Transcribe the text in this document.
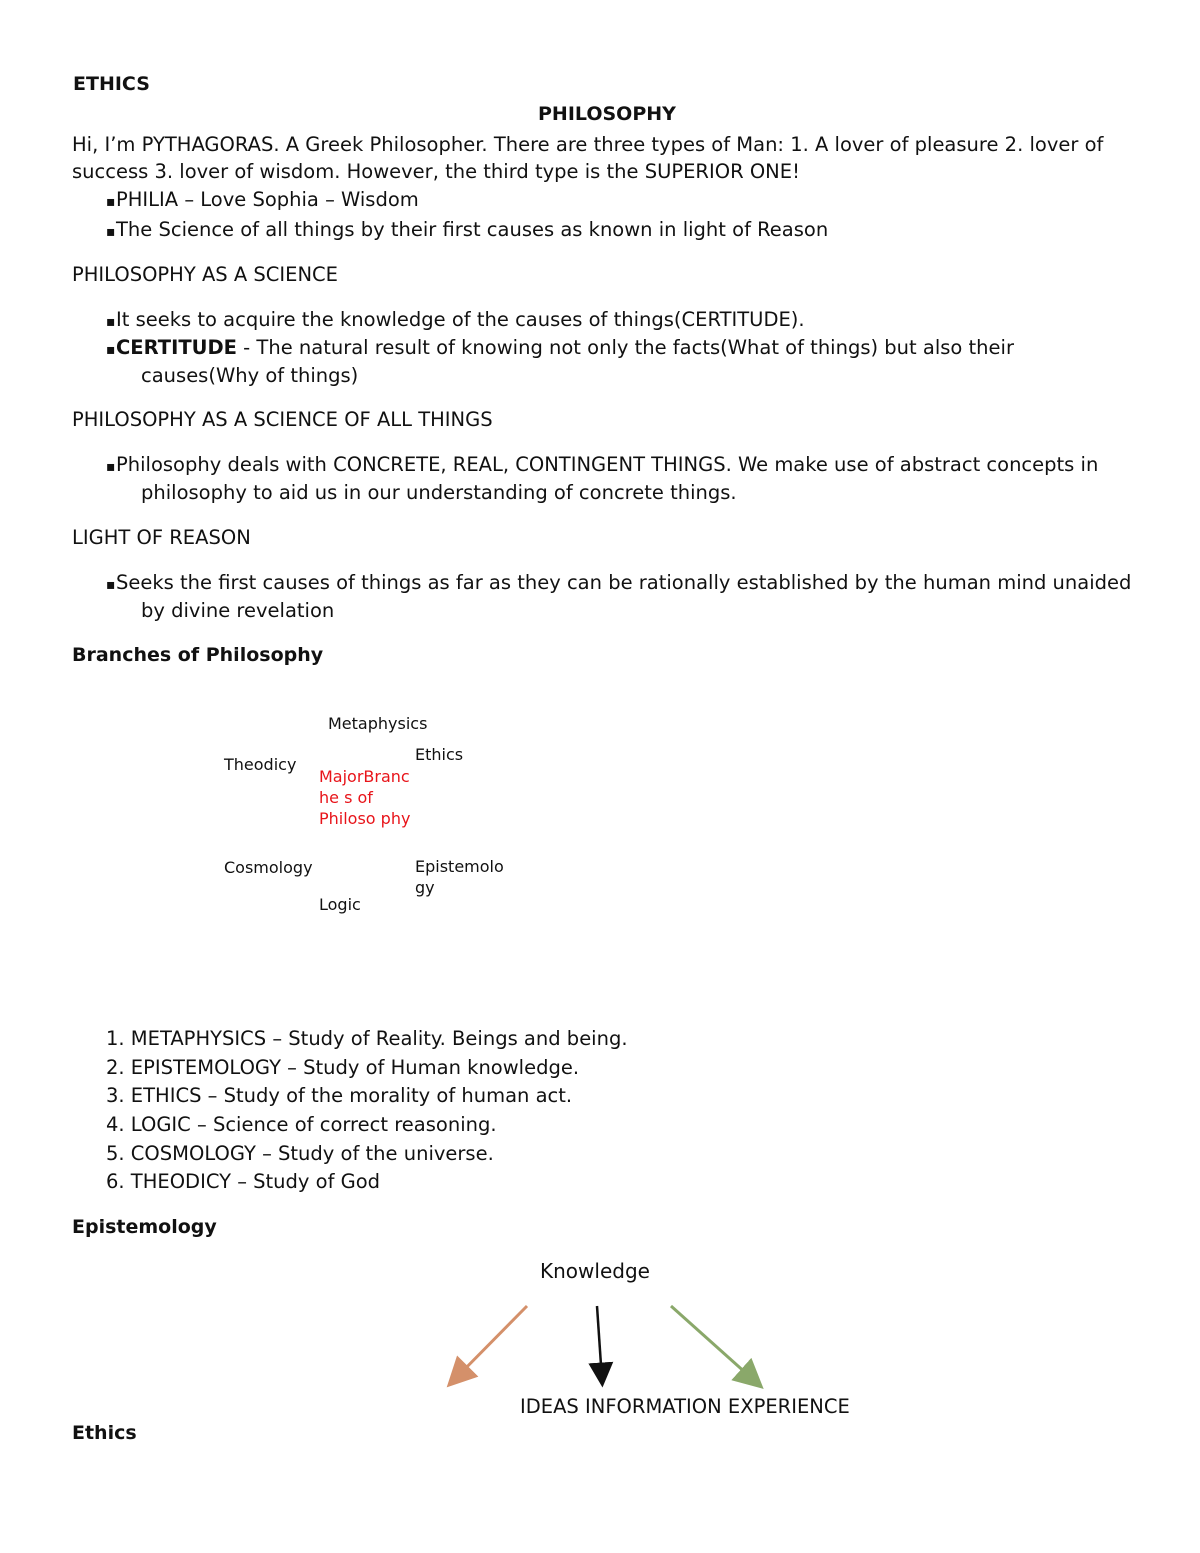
ETHICS
PHILOSOPHY
Hi, I’m PYTHAGORAS. A Greek Philosopher. There are three types of Man: 1. A lover of pleasure 2. lover of
success 3. lover of wisdom. However, the third type is the SUPERIOR ONE!
▪PHILIA – Love Sophia – Wisdom
▪The Science of all things by their first causes as known in light of Reason
PHILOSOPHY AS A SCIENCE
▪It seeks to acquire the knowledge of the causes of things(CERTITUDE).
▪CERTITUDE - The natural result of knowing not only the facts(What of things) but also their
causes(Why of things)
PHILOSOPHY AS A SCIENCE OF ALL THINGS
▪Philosophy deals with CONCRETE, REAL, CONTINGENT THINGS. We make use of abstract concepts in
philosophy to aid us in our understanding of concrete things.
LIGHT OF REASON
▪Seeks the first causes of things as far as they can be rationally established by the human mind unaided
by divine revelation
Branches of Philosophy
Metaphysics
Theodicy
Ethics
MajorBranc
he s of
Philoso phy
Cosmology	Epistemolo
gy
Logic
1. METAPHYSICS – Study of Reality. Beings and being.
2. EPISTEMOLOGY – Study of Human knowledge.
3. ETHICS – Study of the morality of human act.
4. LOGIC – Science of correct reasoning.
5. COSMOLOGY – Study of the universe.
6. THEODICY – Study of God
Epistemology
Knowledge
IDEAS INFORMATION EXPERIENCE
Ethics
